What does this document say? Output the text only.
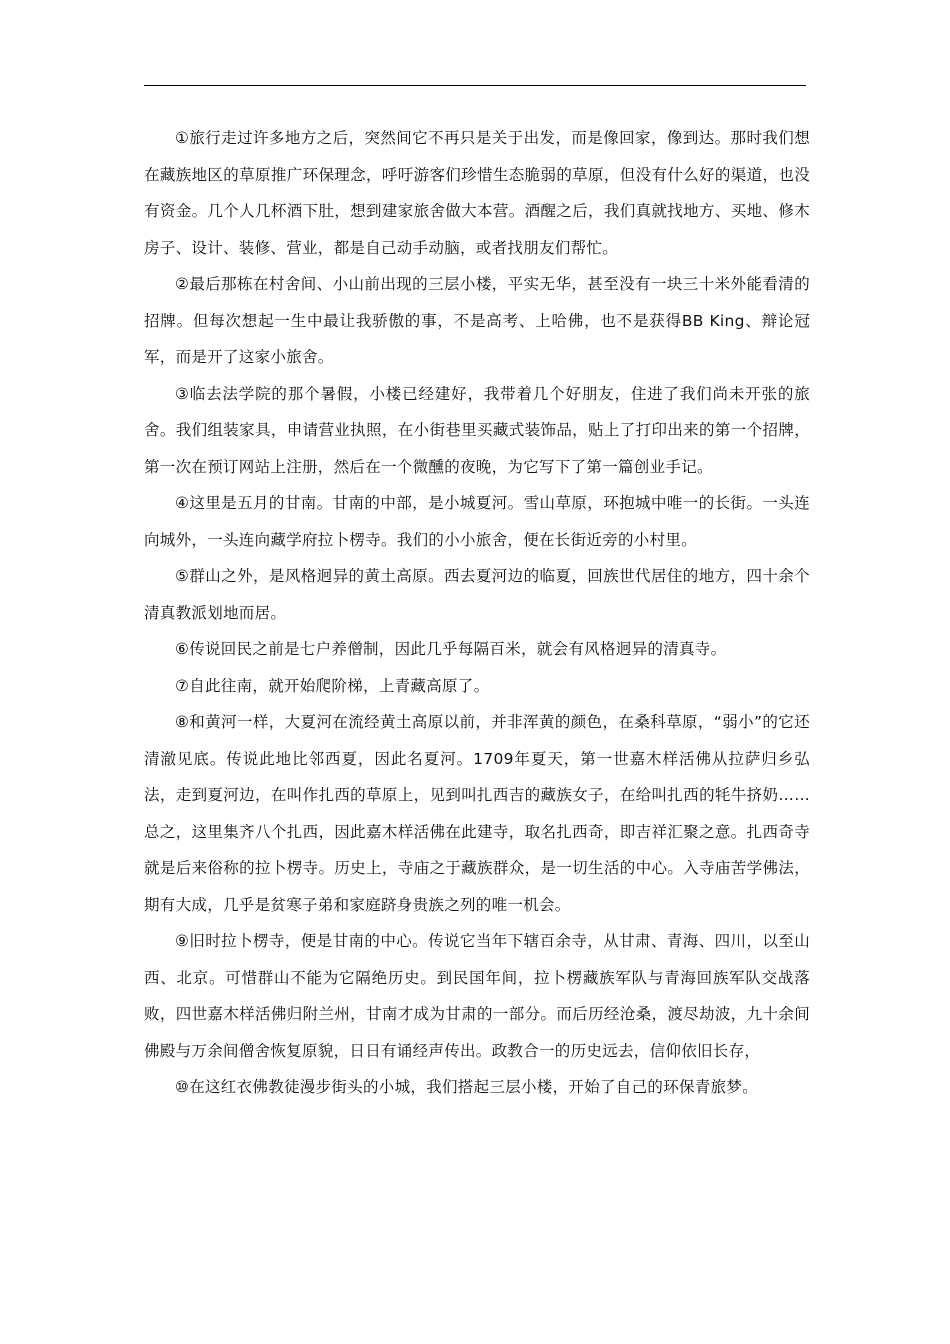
①旅行走过许多地方之后，突然间它不再只是关于出发，而是像回家，像到达。那时我们想在藏族地区的草原推广环保理念，呼吁游客们珍惜生态脆弱的草原，但没有什么好的渠道，也没有资金。几个人几杯酒下肚，想到建家旅舍做大本营。酒醒之后，我们真就找地方、买地、修木房子、设计、装修、营业，都是自己动手动脑，或者找朋友们帮忙。

②最后那栋在村舍间、小山前出现的三层小楼，平实无华，甚至没有一块三十米外能看清的招牌。但每次想起一生中最让我骄傲的事，不是高考、上哈佛，也不是获得BB King、辩论冠军，而是开了这家小旅舍。

③临去法学院的那个暑假，小楼已经建好，我带着几个好朋友，住进了我们尚未开张的旅舍。我们组装家具，申请营业执照，在小街巷里买藏式装饰品，贴上了打印出来的第一个招牌，第一次在预订网站上注册，然后在一个微醺的夜晚，为它写下了第一篇创业手记。

④这里是五月的甘南。甘南的中部，是小城夏河。雪山草原，环抱城中唯一的长街。一头连向城外，一头连向藏学府拉卜楞寺。我们的小小旅舍，便在长街近旁的小村里。

⑤群山之外，是风格迥异的黄土高原。西去夏河边的临夏，回族世代居住的地方，四十余个清真教派划地而居。

⑥传说回民之前是七户养僧制，因此几乎每隔百米，就会有风格迥异的清真寺。

⑦自此往南，就开始爬阶梯，上青藏高原了。

⑧和黄河一样，大夏河在流经黄土高原以前，并非浑黄的颜色，在桑科草原，“弱小”的它还清澈见底。传说此地比邻西夏，因此名夏河。1709年夏天，第一世嘉木样活佛从拉萨归乡弘法，走到夏河边，在叫作扎西的草原上，见到叫扎西吉的藏族女子，在给叫扎西的牦牛挤奶……总之，这里集齐八个扎西，因此嘉木样活佛在此建寺，取名扎西奇，即吉祥汇聚之意。扎西奇寺就是后来俗称的拉卜楞寺。历史上，寺庙之于藏族群众，是一切生活的中心。入寺庙苦学佛法，期有大成，几乎是贫寒子弟和家庭跻身贵族之列的唯一机会。

⑨旧时拉卜楞寺，便是甘南的中心。传说它当年下辖百余寺，从甘肃、青海、四川，以至山西、北京。可惜群山不能为它隔绝历史。到民国年间，拉卜楞藏族军队与青海回族军队交战落败，四世嘉木样活佛归附兰州，甘南才成为甘肃的一部分。而后历经沧桑，渡尽劫波，九十余间佛殿与万余间僧舍恢复原貌，日日有诵经声传出。政教合一的历史远去，信仰依旧长存，

⑩在这红衣佛教徒漫步街头的小城，我们搭起三层小楼，开始了自己的环保青旅梦。
